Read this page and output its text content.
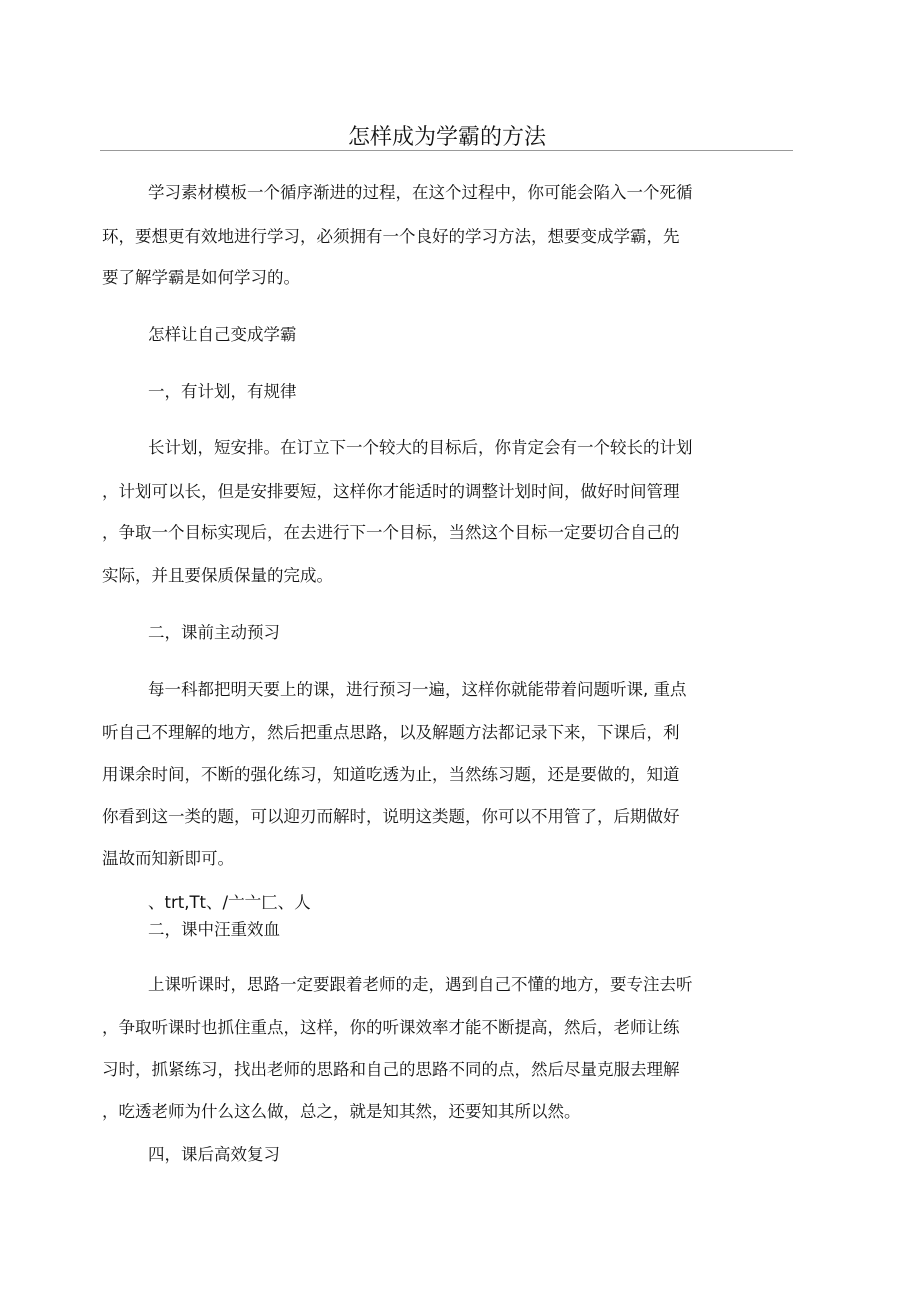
怎样成为学霸的方法
学习素材模板一个循序渐进的过程，在这个过程中，你可能会陷入一个死循
环，要想更有效地进行学习，必须拥有一个良好的学习方法，想要变成学霸，先
要了解学霸是如何学习的。
怎样让自己变成学霸
一，有计划，有规律
长计划，短安排。在订立下一个较大的目标后，你肯定会有一个较长的计划
，计划可以长，但是安排要短，这样你才能适时的调整计划时间，做好时间管理
，争取一个目标实现后，在去进行下一个目标，当然这个目标一定要切合自己的
实际，并且要保质保量的完成。
二，课前主动预习
每一科都把明天要上的课，进行预习一遍，这样你就能带着问题听课, 重点
听自己不理解的地方，然后把重点思路，以及解题方法都记录下来，下课后，利
用课余时间，不断的强化练习，知道吃透为止，当然练习题，还是要做的，知道
你看到这一类的题，可以迎刃而解时，说明这类题，你可以不用管了，后期做好
温故而知新即可。
、trt,Tt、/亠亠匚、人
二，课中汪重效血
上课听课时，思路一定要跟着老师的走，遇到自己不懂的地方，要专注去听
，争取听课时也抓住重点，这样，你的听课效率才能不断提高，然后，老师让练
习时，抓紧练习，找出老师的思路和自己的思路不同的点，然后尽量克服去理解
，吃透老师为什么这么做，总之，就是知其然，还要知其所以然。
四，课后高效复习
